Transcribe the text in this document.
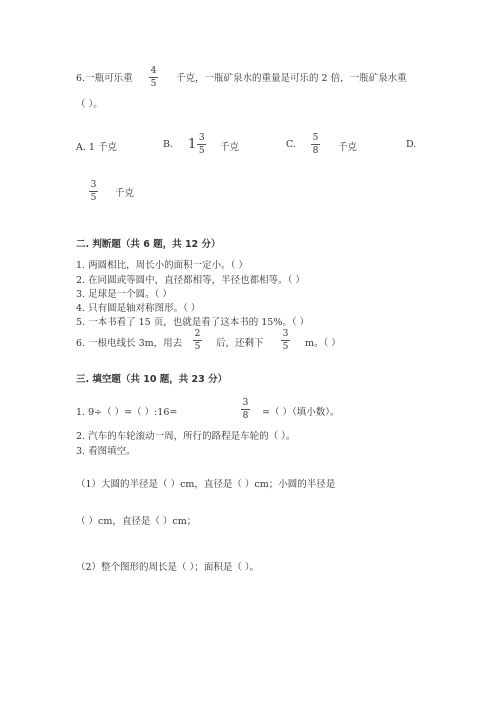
6.一瓶可乐重
4
5 千克，一瓶矿泉水的重量是可乐的 2 倍，一瓶矿泉水重
（ ）。
A. 1 千克	B. $1 \frac{3}{5}$ 千克	C.
5
8 千克	D.
3
5 千克
二. 判断题（共 6 题，共 12 分）
1. 两圆相比，周长小的面积一定小。（ ）
2. 在同圆或等圆中，直径都相等，半径也都相等。（ ）
3. 足球是一个圆。（ ）
4. 只有圆是轴对称图形。（ ）
5. 一本书看了 15 页，也就是看了这本书的 15%。（ ）
6. 一根电线长 3m，用去
2
5 后，还剩下
3
5 m。（ ）
三. 填空题（共 10 题，共 23 分）
1. 9÷（ ）=（ ）:16=
3
8 =（ ）（填小数）。
2. 汽车的车轮滚动一周，所行的路程是车轮的（ ）。
3. 看图填空。
（1）大圆的半径是（ ）cm，直径是（ ）cm；小圆的半径是
（ ）cm，直径是（ ）cm；
（2）整个图形的周长是（ ）；面积是（ ）。
